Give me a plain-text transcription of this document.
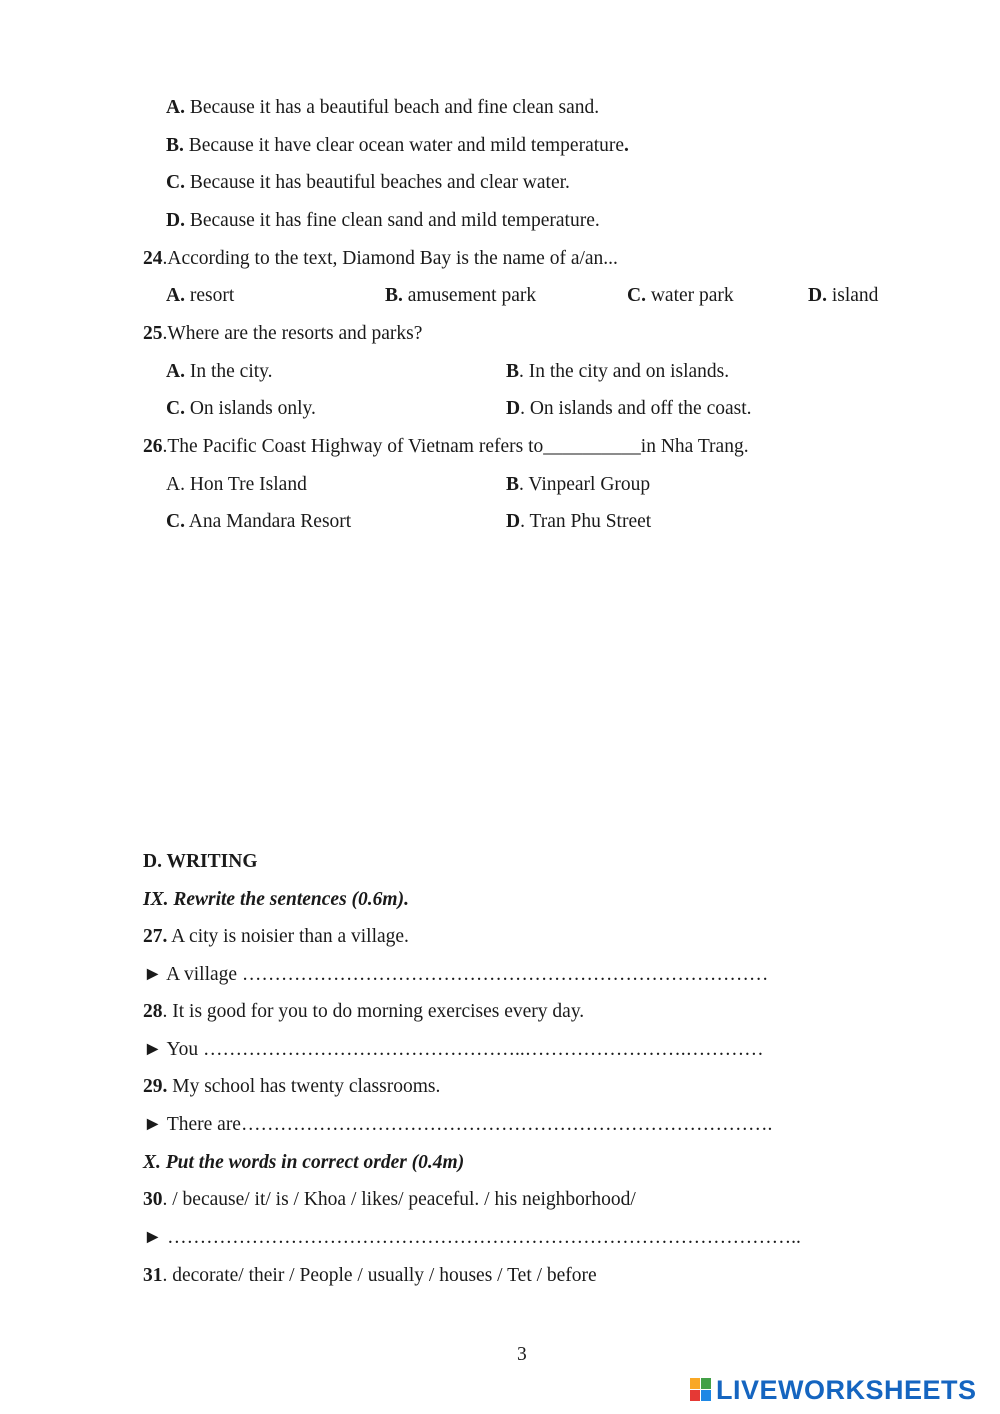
A. Because it has a beautiful beach and fine clean sand.
B. Because it have clear ocean water and mild temperature.
C. Because it has beautiful beaches and clear water.
D. Because it has fine clean sand and mild temperature.
24.According to the text, Diamond Bay is the name of a/an...
A. resort	B. amusement park	C. water park	D. island
25.Where are the resorts and parks?
A. In the city.	B. In the city and on islands.
C. On islands only.	D. On islands and off the coast.
26.The Pacific Coast Highway of Vietnam refers to__________in Nha Trang.
A. Hon Tre Island	B. Vinpearl Group
C. Ana Mandara Resort	D. Tran Phu Street
D. WRITING
IX. Rewrite the sentences (0.6m).
27. A city is noisier than a village.
► A village ………………………………………………………………………
28. It is good for you to do morning exercises every day.
► You …………………………………………..…………………….…………
29. My school has twenty classrooms.
► There are……………………………………………………………………….
X. Put the words in correct order (0.4m)
30. / because/ it/ is / Khoa / likes/ peaceful. / his neighborhood/
► ……………………………………………………………………………………..
31. decorate/ their / People / usually / houses / Tet / before
3
LIVEWORKSHEETS
